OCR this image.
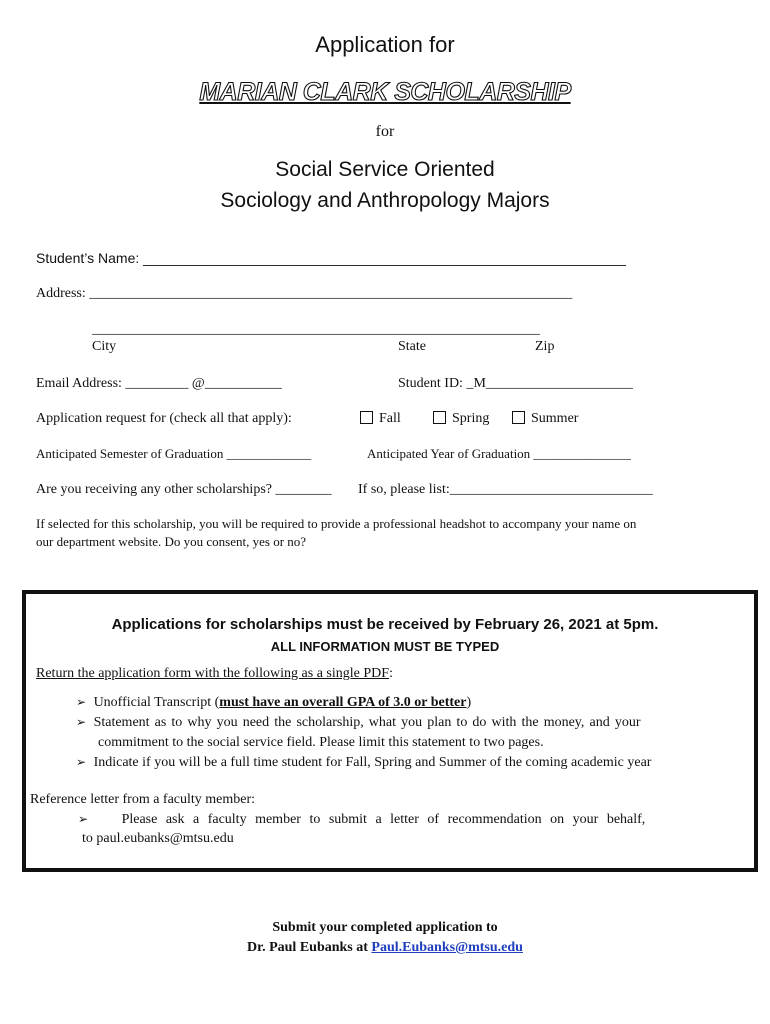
Application for
MARIAN CLARK SCHOLARSHIP
for
Social Service Oriented
Sociology and Anthropology Majors
Student’s Name: ______________________________________________________________
Address: _____________________________________________________________________
________________________________________________________________
City	State	Zip
Email Address: _________ @___________	Student ID: _M_____________________
Application request for (check all that apply):	Fall	Spring	Summer
Anticipated Semester of Graduation _____________	Anticipated Year of Graduation _______________
Are you receiving any other scholarships? ________ If so, please list:_____________________________
If selected for this scholarship, you will be required to provide a professional headshot to accompany your name on
our department website. Do you consent, yes or no?
Applications for scholarships must be received by February 26, 2021 at 5pm.
ALL INFORMATION MUST BE TYPED
Return the application form with the following as a single PDF:
➢ Unofficial Transcript (must have an overall GPA of 3.0 or better)
➢ Statement as to why you need the scholarship, what you plan to do with the money, and your
commitment to the social service field. Please limit this statement to two pages.
➢ Indicate if you will be a full time student for Fall, Spring and Summer of the coming academic year
Reference letter from a faculty member:
➢ Please ask a faculty member to submit a letter of recommendation on your behalf,
to paul.eubanks@mtsu.edu
Submit your completed application to
Dr. Paul Eubanks at Paul.Eubanks@mtsu.edu
